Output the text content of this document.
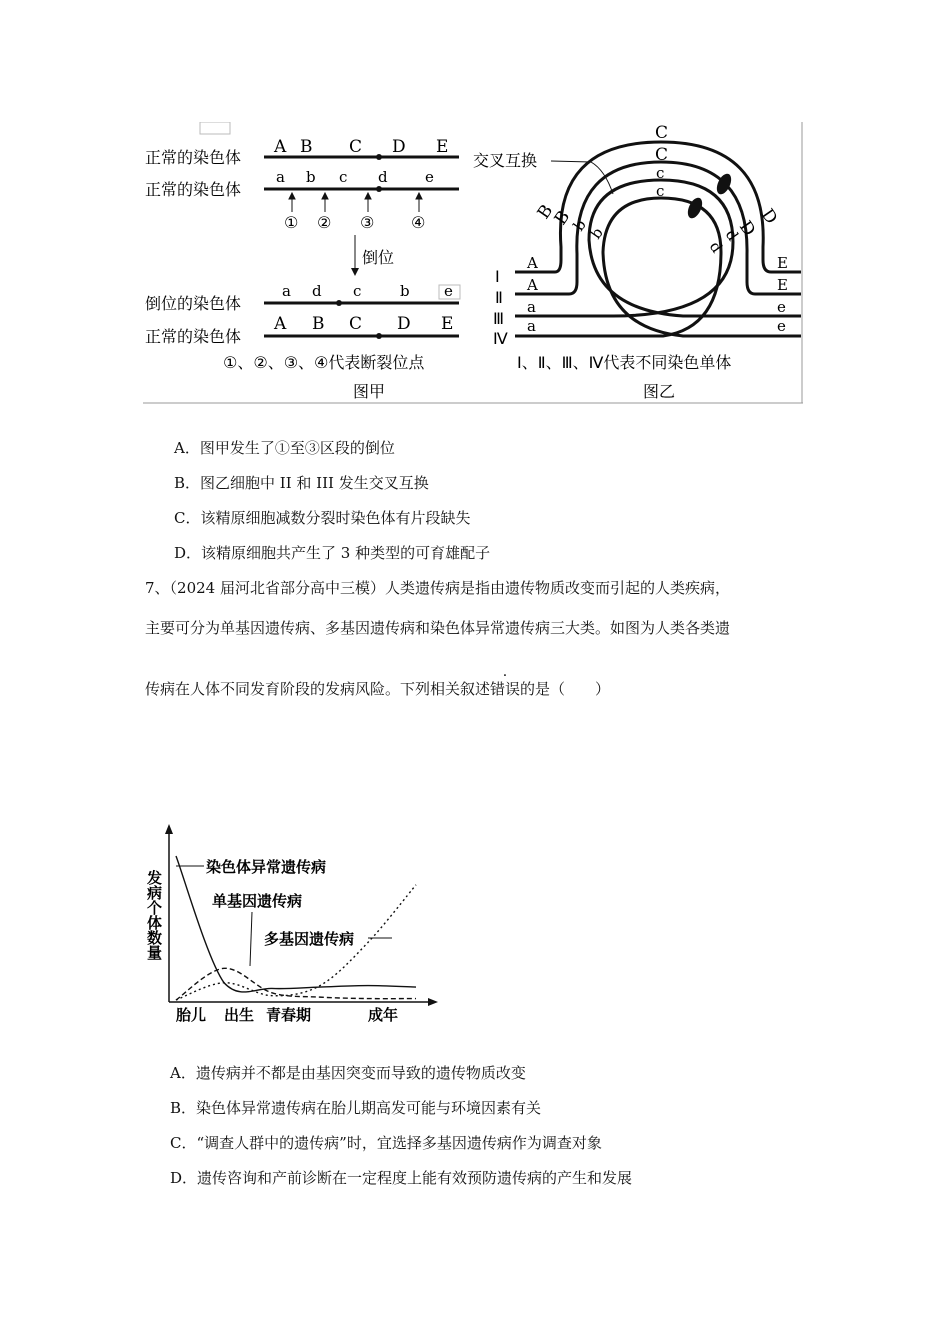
正常的染色体
A B C D E
正常的染色体
a b c d e
① ② ③ ④
倒位
倒位的染色体
a d c	b e
正常的染色体
A B C D E
①、②、③、④代表断裂位点
图甲
交叉互换
Ⅰ
Ⅱ
Ⅲ
Ⅳ
A
A
a
a
E
E
e
e
C
C
c
c
B
B
b
b
D
D
d
d
Ⅰ、Ⅱ、Ⅲ、Ⅳ代表不同染色单体
图乙
A．图甲发生了①至③区段的倒位
B．图乙细胞中 II 和 III 发生交叉互换
C．该精原细胞减数分裂时染色体有片段缺失
D．该精原细胞共产生了 3 种类型的可育雄配子
7、（2024 届河北省部分高中三模）人类遗传病是指由遗传物质改变而引起的人类疾病，
主要可分为单基因遗传病、多基因遗传病和染色体异常遗传病三大类。如图为人类各类遗
传病在人体不同发育阶段的发病风险。下列相关叙述错误的是（　　）
发病个体数量
染色体异常遗传病
单基因遗传病
多基因遗传病
胎儿 出生 青春期	成年
A．遗传病并不都是由基因突变而导致的遗传物质改变
B．染色体异常遗传病在胎儿期高发可能与环境因素有关
C．“调查人群中的遗传病”时，宜选择多基因遗传病作为调查对象
D．遗传咨询和产前诊断在一定程度上能有效预防遗传病的产生和发展
